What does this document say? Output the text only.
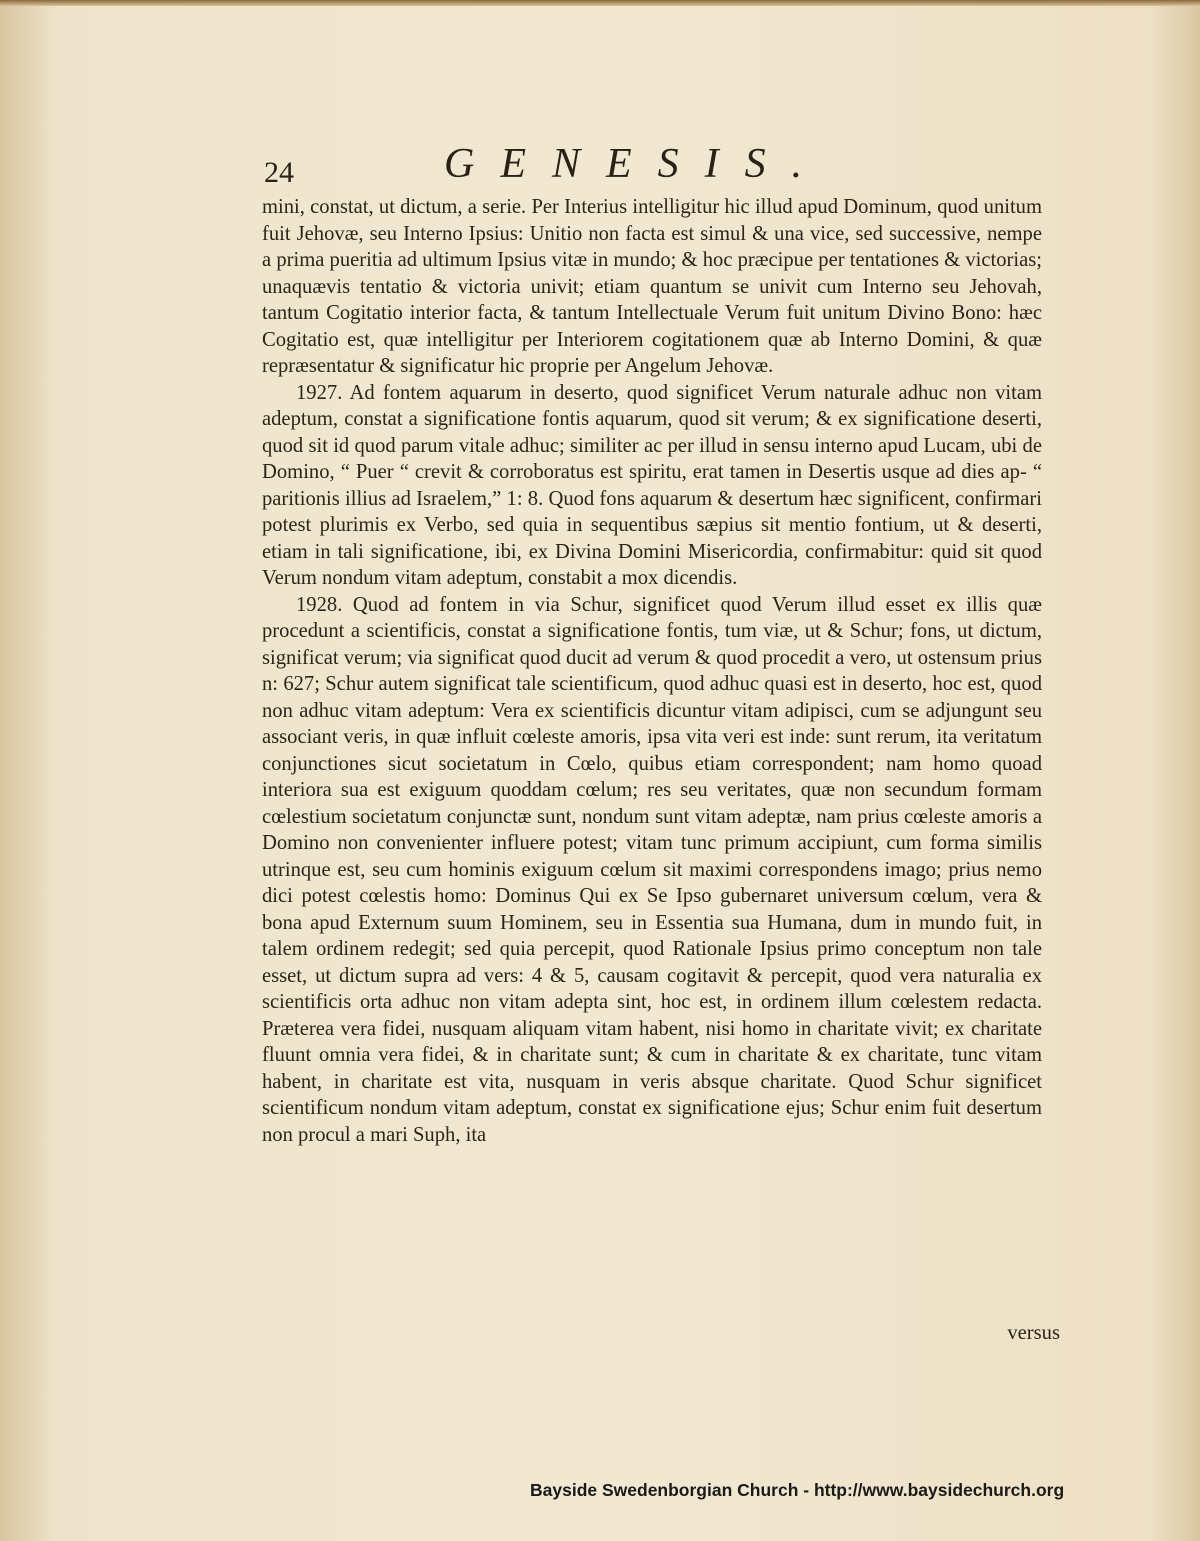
24	GENESIS.

mini, constat, ut dictum, a serie. Per Interius intelligitur hic illud apud Dominum, quod unitum fuit Jehovæ, seu Interno Ipsius: Unitio non facta est simul & una vice, sed successive, nempe a prima pueritia ad ultimum Ipsius vitæ in mundo; & hoc præcipue per tentationes & victorias; unaquævis tentatio & victoria univit; etiam quantum se univit cum Interno seu Jehovah, tantum Cogitatio interior facta, & tantum Intellectuale Verum fuit unitum Divino Bono: hæc Cogitatio est, quæ intelligitur per Interiorem cogitationem quæ ab Interno Domini, & quæ repræsentatur & significatur hic proprie per Angelum Jehovæ.

1927. Ad fontem aquarum in deserto, quod significet Verum naturale adhuc non vitam adeptum, constat a significatione fontis aquarum, quod sit verum; & ex significatione deserti, quod sit id quod parum vitale adhuc; similiter ac per illud in sensu interno apud Lucam, ubi de Domino, “ Puer “ crevit & corroboratus est spiritu, erat tamen in Desertis usque ad dies ap- “ paritionis illius ad Israelem,” 1: 8. Quod fons aquarum & desertum hæc significent, confirmari potest plurimis ex Verbo, sed quia in sequentibus sæpius sit mentio fontium, ut & deserti, etiam in tali significatione, ibi, ex Divina Domini Misericordia, confirmabitur: quid sit quod Verum nondum vitam adeptum, constabit a mox dicendis.

1928. Quod ad fontem in via Schur, significet quod Verum illud esset ex illis quæ procedunt a scientificis, constat a significatione fontis, tum viæ, ut & Schur; fons, ut dictum, significat verum; via significat quod ducit ad verum & quod procedit a vero, ut ostensum prius n: 627; Schur autem significat tale scientificum, quod adhuc quasi est in deserto, hoc est, quod non adhuc vitam adeptum: Vera ex scientificis dicuntur vitam adipisci, cum se adjungunt seu associant veris, in quæ influit cœleste amoris, ipsa vita veri est inde: sunt rerum, ita veritatum conjunctiones sicut societatum in Cœlo, quibus etiam correspondent; nam homo quoad interiora sua est exiguum quoddam cœlum; res seu veritates, quæ non secundum formam cœlestium societatum conjunctæ sunt, nondum sunt vitam adeptæ, nam prius cœleste amoris a Domino non convenienter influere potest; vitam tunc primum accipiunt, cum forma similis utrinque est, seu cum hominis exiguum cœlum sit maximi correspondens imago; prius nemo dici potest cœlestis homo: Dominus Qui ex Se Ipso gubernaret universum cœlum, vera & bona apud Externum suum Hominem, seu in Essentia sua Humana, dum in mundo fuit, in talem ordinem redegit; sed quia percepit, quod Rationale Ipsius primo conceptum non tale esset, ut dictum supra ad vers: 4 & 5, causam cogitavit & percepit, quod vera naturalia ex scientificis orta adhuc non vitam adepta sint, hoc est, in ordinem illum cœlestem redacta. Præterea vera fidei, nusquam aliquam vitam habent, nisi homo in charitate vivit; ex charitate fluunt omnia vera fidei, & in charitate sunt; & cum in charitate & ex charitate, tunc vitam habent, in charitate est vita, nusquam in veris absque charitate. Quod Schur significet scientificum nondum vitam adeptum, constat ex significatione ejus; Schur enim fuit desertum non procul a mari Suph, ita

versus
Bayside Swedenborgian Church - http://www.baysidechurch.org
